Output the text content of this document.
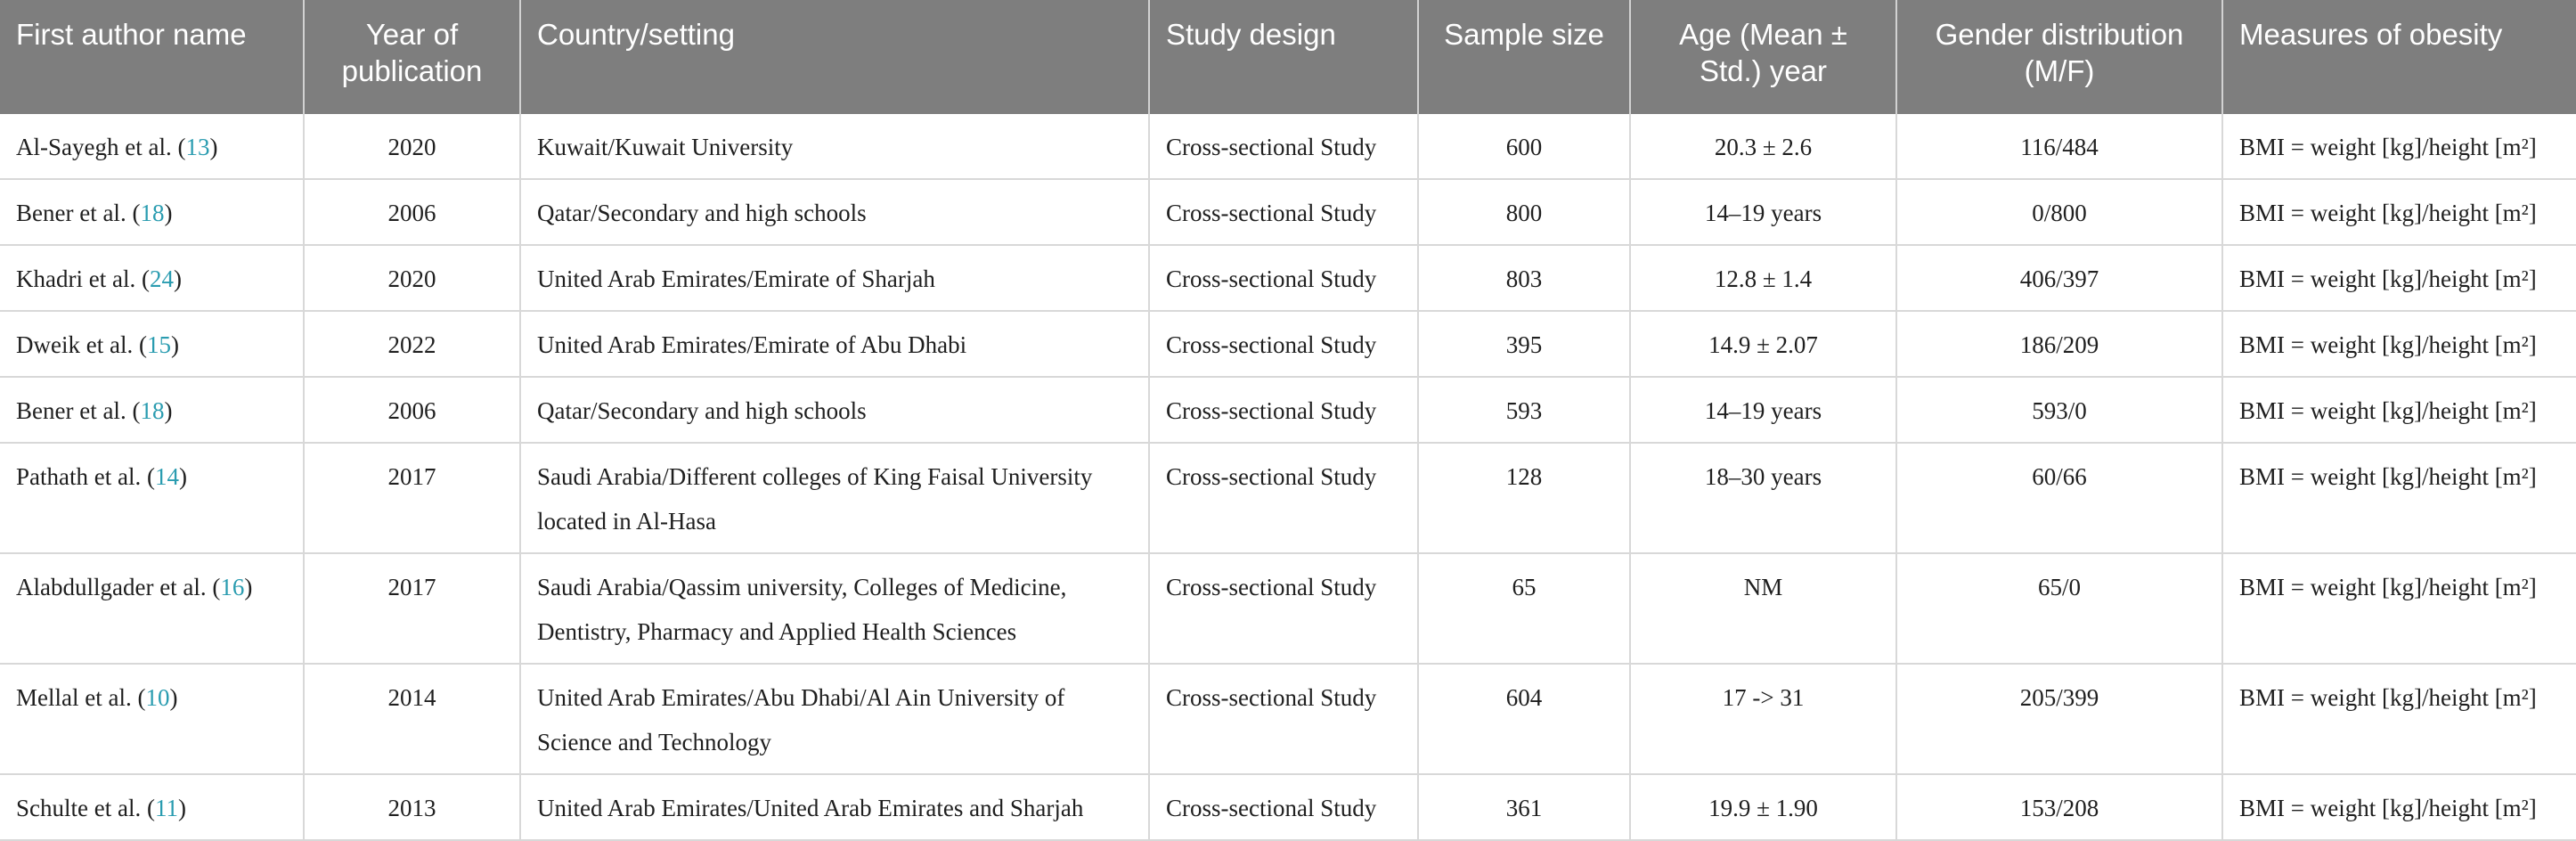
First author name	Year of publication	Country/setting	Study design	Sample size	Age (Mean ± Std.) year	Gender distribution (M/F)	Measures of obesity
Al-Sayegh et al. (13)	2020	Kuwait/Kuwait University	Cross-sectional Study	600	20.3 ± 2.6	116/484	BMI = weight [kg]/height [m²]
Bener et al. (18)	2006	Qatar/Secondary and high schools	Cross-sectional Study	800	14–19 years	0/800	BMI = weight [kg]/height [m²]
Khadri et al. (24)	2020	United Arab Emirates/Emirate of Sharjah	Cross-sectional Study	803	12.8 ± 1.4	406/397	BMI = weight [kg]/height [m²]
Dweik et al. (15)	2022	United Arab Emirates/Emirate of Abu Dhabi	Cross-sectional Study	395	14.9 ± 2.07	186/209	BMI = weight [kg]/height [m²]
Bener et al. (18)	2006	Qatar/Secondary and high schools	Cross-sectional Study	593	14–19 years	593/0	BMI = weight [kg]/height [m²]
Pathath et al. (14)	2017	Saudi Arabia/Different colleges of King Faisal University located in Al-Hasa	Cross-sectional Study	128	18–30 years	60/66	BMI = weight [kg]/height [m²]
Alabdullgader et al. (16)	2017	Saudi Arabia/Qassim university, Colleges of Medicine, Dentistry, Pharmacy and Applied Health Sciences	Cross-sectional Study	65	NM	65/0	BMI = weight [kg]/height [m²]
Mellal et al. (10)	2014	United Arab Emirates/Abu Dhabi/Al Ain University of Science and Technology	Cross-sectional Study	604	17 -> 31	205/399	BMI = weight [kg]/height [m²]
Schulte et al. (11)	2013	United Arab Emirates/United Arab Emirates and Sharjah	Cross-sectional Study	361	19.9 ± 1.90	153/208	BMI = weight [kg]/height [m²]
